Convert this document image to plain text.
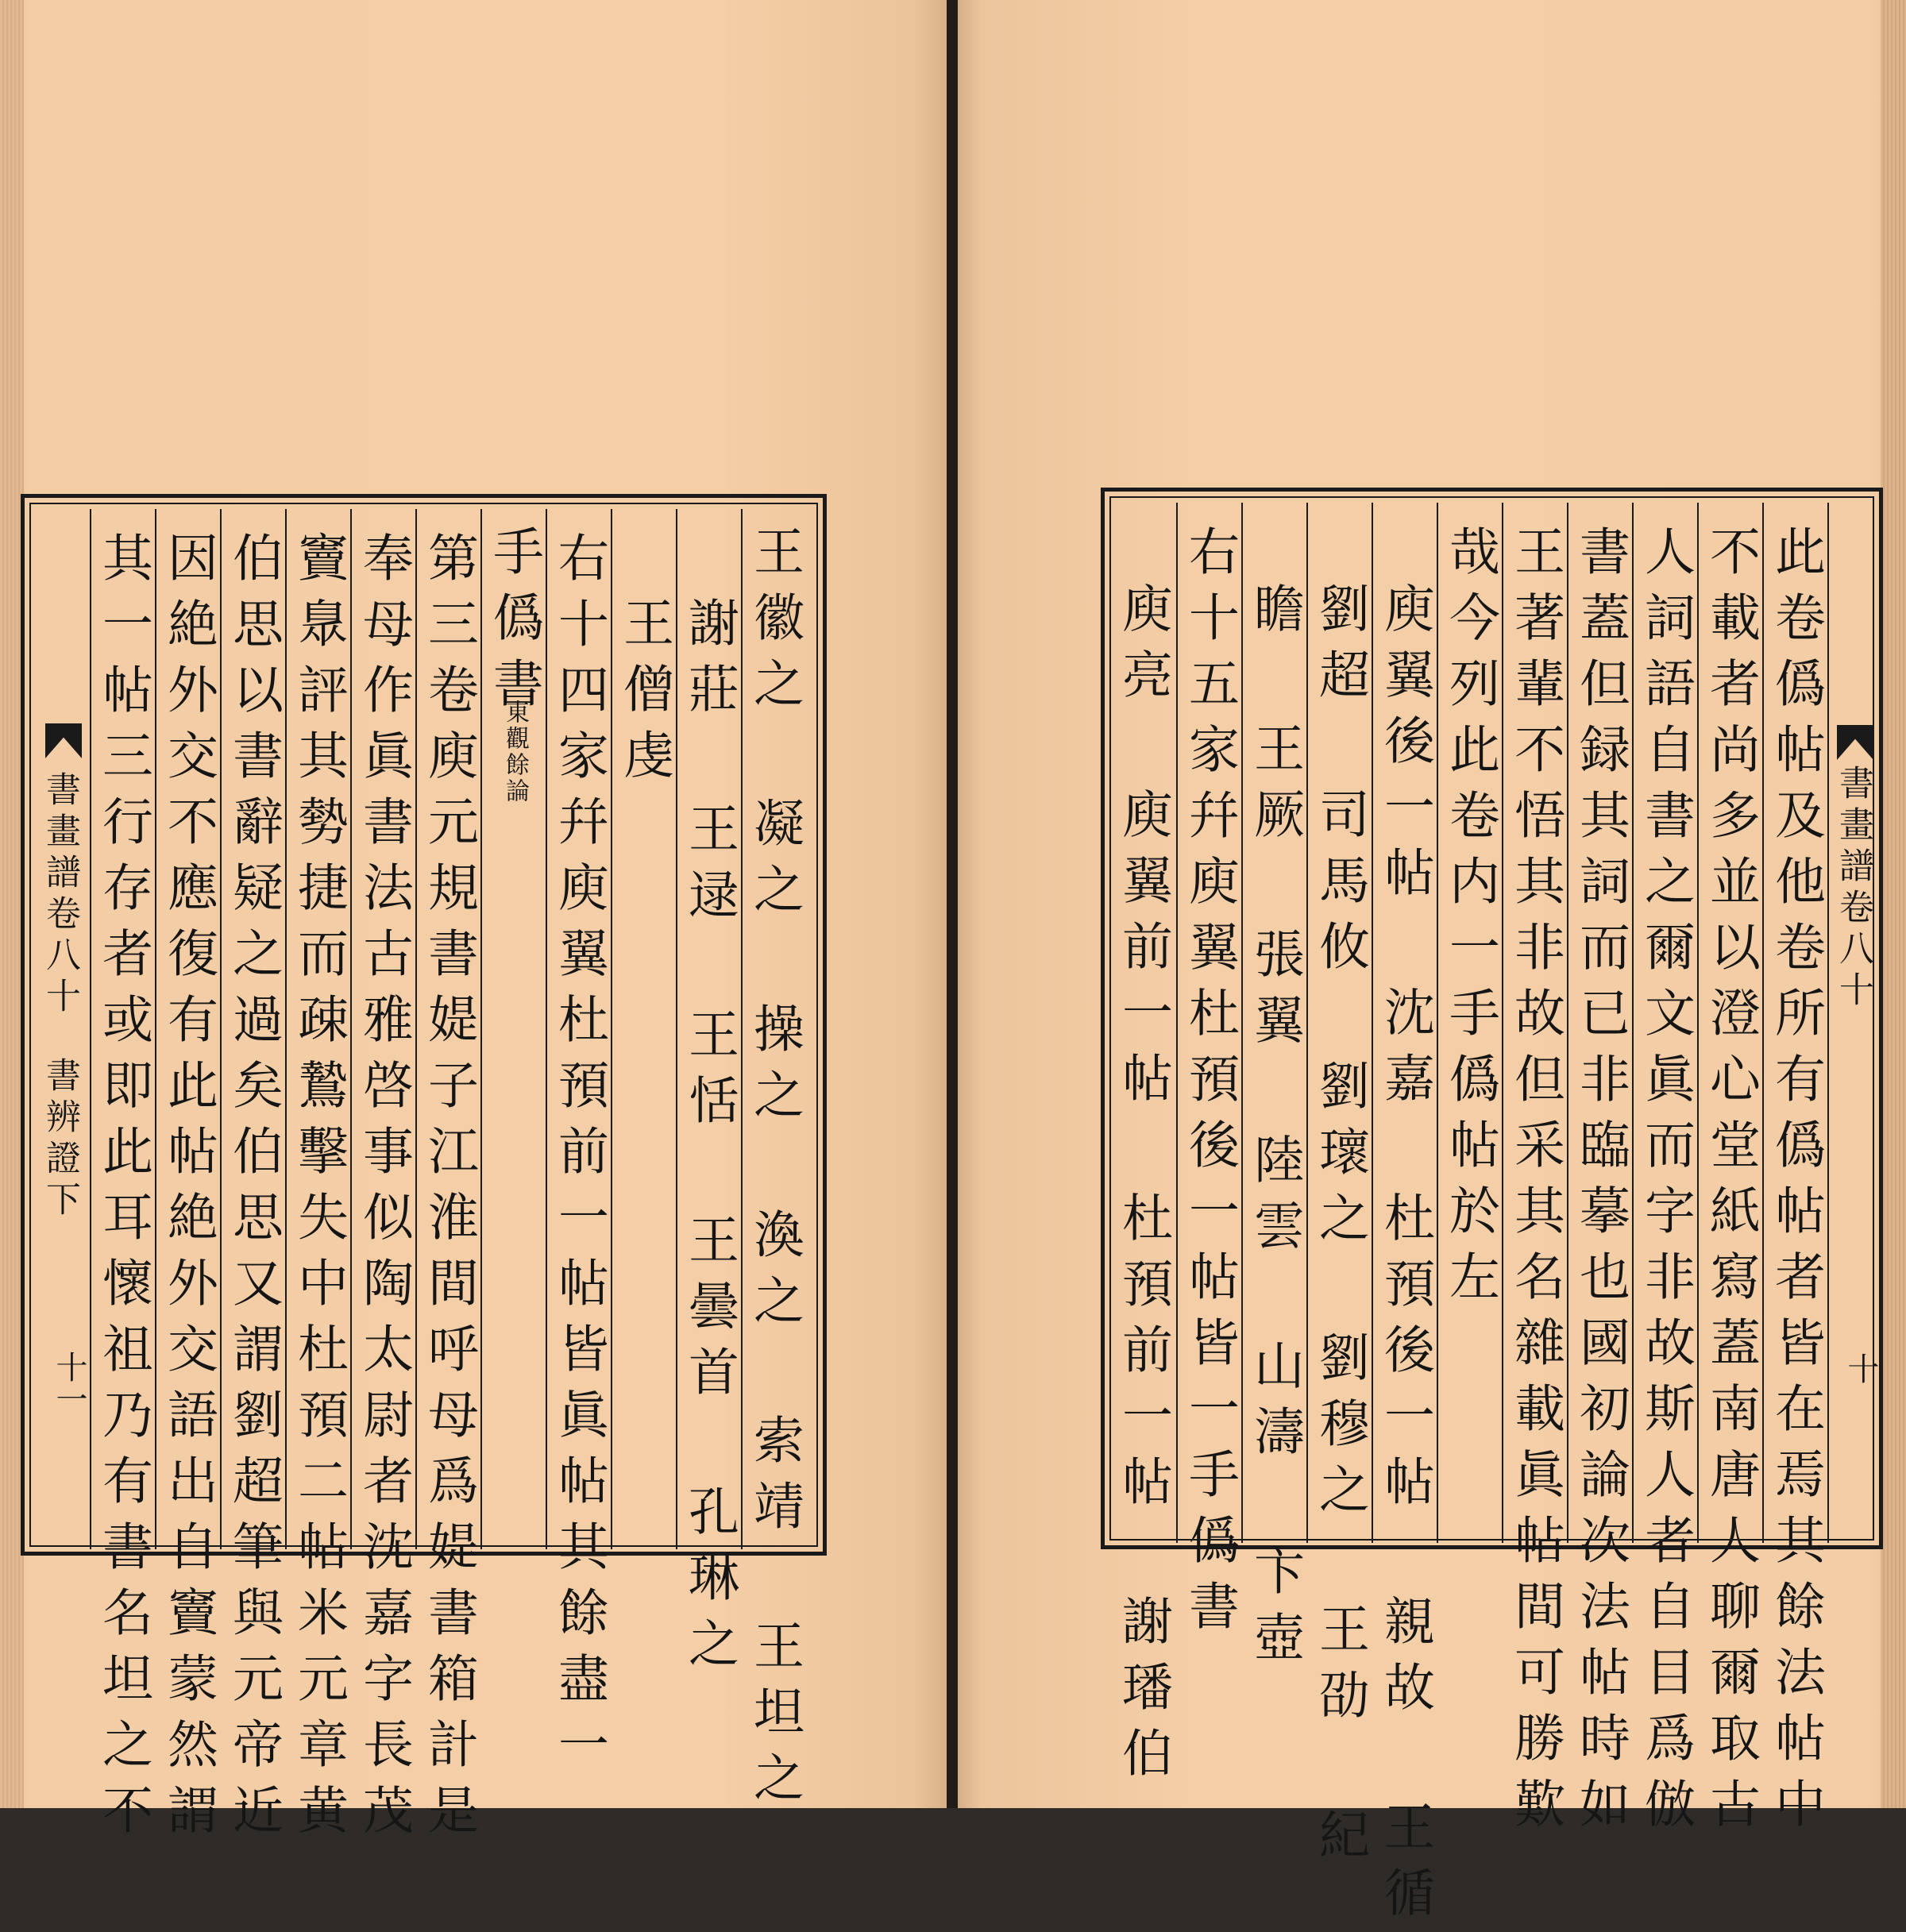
書畫譜卷八十
書辨證下
十一 其一帖三行存者或即此耳懷祖乃有書名坦之不 因絶外交不應復有此帖絶外交語出自竇蒙然謂 伯思以書辭疑之過矣伯思又謂劉超筆與元帝近 竇臮評其勢捷而疎鷙擊失中杜預二帖米元章黄 奉母作眞書法古雅啓事似陶太尉者沈嘉字長茂 第三卷庾元規書媞子江淮間呼母爲媞書箱計是 手僞書
東觀餘論 右十四家幷庾翼杜預前一帖皆眞帖其餘盡一 王僧虔 謝莊 王逯 王恬 王曇首 孔琳之 王徽之 凝之 操之 渙之 索靖 王坦之	庾亮 庾翼前一帖 杜預前一帖 謝璠伯 右十五家幷庾翼杜預後一帖皆一手僞書 瞻 王厥 張翼 陸雲 山濤 卞壺 劉超 司馬攸 劉瓌之 劉穆之 王劭 紀 庾翼後一帖 沈嘉 杜預後一帖 親故 王循 哉今列此卷内一手僞帖於左 王著輩不悟其非故但采其名雜載眞帖間可勝歎 書蓋但録其詞而已非臨摹也國初論次法帖時如 人詞語自書之爾文眞而字非故斯人者自目爲倣 不載者尚多並以澄心堂紙寫蓋南唐人聊爾取古 此卷僞帖及他卷所有僞帖者皆在焉其餘法帖中 書畫譜卷八十
十
